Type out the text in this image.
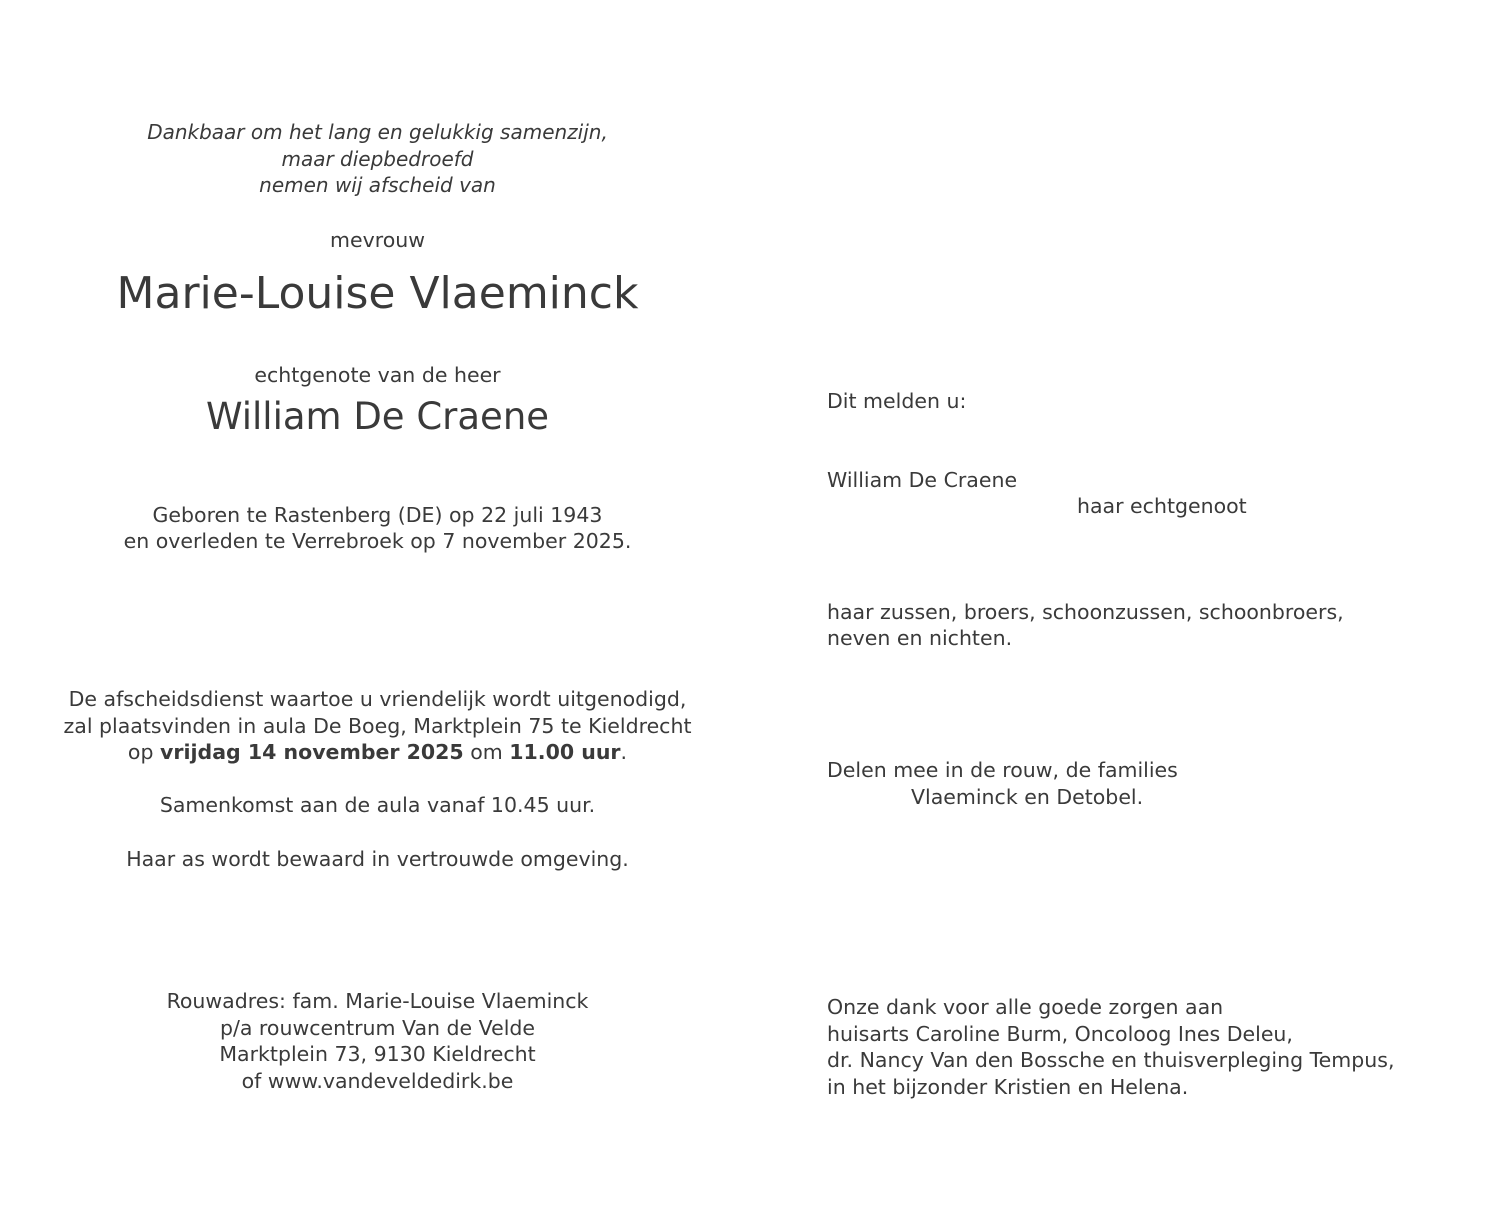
Dankbaar om het lang en gelukkig samenzijn,
maar diepbedroefd
nemen wij afscheid van
mevrouw
Marie-Louise Vlaeminck
echtgenote van de heer
William De Craene
Geboren te Rastenberg (DE) op 22 juli 1943
en overleden te Verrebroek op 7 november 2025.
De afscheidsdienst waartoe u vriendelijk wordt uitgenodigd,
zal plaatsvinden in aula De Boeg, Marktplein 75 te Kieldrecht
op vrijdag 14 november 2025 om 11.00 uur.
Samenkomst aan de aula vanaf 10.45 uur.
Haar as wordt bewaard in vertrouwde omgeving.
Rouwadres: fam. Marie-Louise Vlaeminck
p/a rouwcentrum Van de Velde
Marktplein 73, 9130 Kieldrecht
of www.vandeveldedirk.be
Dit melden u:
William De Craene
haar echtgenoot
haar zussen, broers, schoonzussen, schoonbroers,
neven en nichten.
Delen mee in de rouw, de families
Vlaeminck en Detobel.
Onze dank voor alle goede zorgen aan
huisarts Caroline Burm, Oncoloog Ines Deleu,
dr. Nancy Van den Bossche en thuisverpleging Tempus,
in het bijzonder Kristien en Helena.
